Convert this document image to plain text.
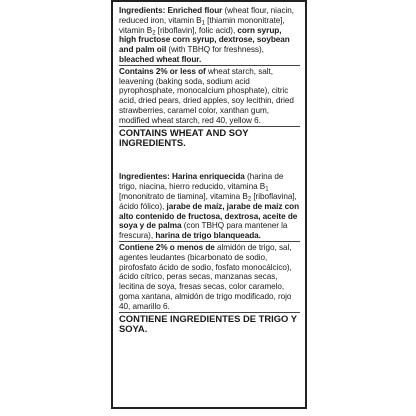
Ingredients: Enriched flour (wheat flour, niacin, reduced iron, vitamin $B_1$ [thiamin mononitrate], vitamin $B_2$ [riboflavin], folic acid), corn syrup, high fructose corn syrup, dextrose, soybean and palm oil (with TBHQ for freshness), bleached wheat flour.
Contains 2% or less of wheat starch, salt, leavening (baking soda, sodium acid pyrophosphate, monocalcium phosphate), citric acid, dried pears, dried apples, soy lecithin, dried strawberries, caramel color, xanthan gum, modified wheat starch, red 40, yellow 6.
CONTAINS WHEAT AND SOY INGREDIENTS.
Ingredientes: Harina enriquecida (harina de trigo, niacina, hierro reducido, vitamina $B_1$ [mononitrato de tiamina], vitamina $B_2$ [riboflavina], ácido fólico), jarabe de maíz, jarabe de maíz con alto contenido de fructosa, dextrosa, aceite de soya y de palma (con TBHQ para mantener la frescura), harina de trigo blanqueada.
Contiene 2% o menos de almidón de trigo, sal, agentes leudantes (bicarbonato de sodio, pirofosfato ácido de sodio, fosfato monocálcico), ácido cítrico, peras secas, manzanas secas, lecitina de soya, fresas secas, color caramelo, goma xantana, almidón de trigo modificado, rojo 40, amarillo 6.
CONTIENE INGREDIENTES DE TRIGO Y SOYA.
